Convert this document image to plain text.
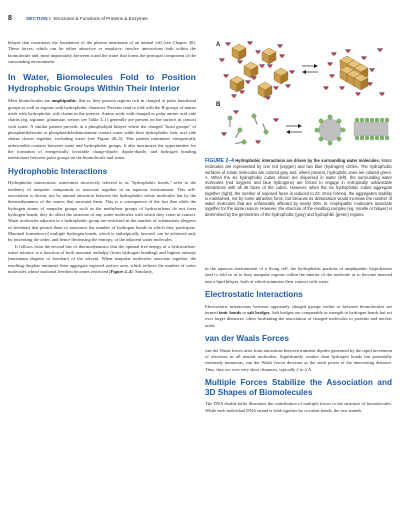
8	SECTION I Structures & Functions of Proteins & Enzymes

bilayer that constitutes the foundation of the plasma membrane of an animal cell (see Chapter 40). These forces, which can be either attractive or repulsive, involve interactions both within the biomolecule and, most importantly, between it and the water that forms the principal component of the surrounding environment.

In Water, Biomolecules Fold to Position Hydrophobic Groups Within Their Interior

Most biomolecules are amphipathic; that is, they possess regions rich in charged or polar functional groups as well as regions with hydrophobic character. Proteins tend to fold with the R-groups of amino acids with hydrophobic side chains in the interior. Amino acids with charged or polar amino acid side chains (eg, arginine, glutamate, serine; see Table 3–1) generally are present on the surface in contact with water. A similar pattern prevails in a phospholipid bilayer where the charged "head groups" of phosphatidylserine or phosphatidylethanolamine contact water while their hydrophobic fatty acyl side chains cluster together, excluding water (see Figure 40–5). This pattern minimizes energetically unfavorable contacts between water and hydrophobic groups. It also maximizes the opportunities for the formation of energetically favorable charge-dipole, dipole-dipole, and hydrogen bonding interactions between polar groups on the biomolecule and water.

Hydrophobic Interactions

Hydrophobic interactions, sometimes incorrectly referred to as "hydrophobic bonds," refer to the tendency of nonpolar compounds to associate together in an aqueous environment. This self-association is driven, not by mutual attraction between the hydrophobic solute molecules but by the thermodynamics of the waters that surround them. This is a consequence of the fact that while the hydrogen atoms of nonpolar groups such as the methylene groups of hydrocarbons do not form hydrogen bonds, they do affect the structure of any water molecules with which they come in contact. Water molecules adjacent to a hydrophobic group are restricted in the number of orientations (degrees of freedom) that permit them to maximize the number of hydrogen bonds in which they participate. Maximal formation of multiple hydrogen bonds, which is enthalpically favored, can be achieved only by increasing the order, and hence decreasing the entropy, of the adjacent water molecules.

It follows from the second law of thermodynamics that the optimal free energy of a hydrocarbon-water mixture is a function of both maximal enthalpy (from hydrogen bonding) and highest entropy (maximum degrees of freedom) of the solvent. When nonpolar molecules associate together, the resulting droplets minimize their aggregate exposed surface area, which reduces the number of water molecules whose motional freedom becomes restricted (Figure 2–4). Similarly,

A
B
FIGURE 2–4 Hydrophobic interactions are driven by the surrounding water molecules. Water molecules are represented by one red (oxygen) and two blue (hydrogen) circles. The hydrophobic surfaces of solute molecules are colored gray and, where present, hydrophilic ones are colored green. A. When the six hydrophobic cubes shown are dispersed in water (left), the surrounding water molecules (red oxygens and blue hydrogens) are forced to engage in entropically unfavorable interactions with all 36 faces of the cubes. However, when the six hydrophobic cubes aggregate together (right), the number of exposed faces is reduced to 22. Once formed, the aggregate's stability is maintained, not by some attractive force, but because its dissociation would increase the number of water molecules that are unfavorably affected by nearly 40%. B. Amphipathic molecules associate together for the same reason. However, the structure of the resulting complex (eg, micelle or bilayer) is determined by the geometries of the hydrophobic (gray) and hydrophilic (green) regions.

in the aqueous environment of a living cell, the hydrophobic portions of amphipathic biopolymers tend to fold so as to bury nonpolar regions within the interior of the molecule or to become inserted into a lipid bilayer, both of which minimize their contact with water.

Electrostatic Interactions

Electrostatic interactions between oppositely charged groups within or between biomolecules are termed ionic bonds or salt bridges. Salt bridges are comparable in strength to hydrogen bonds but act over larger distances, often facilitating the association of charged molecules to proteins and nucleic acids.

van der Waals Forces

van der Waals forces arise from attractions between transient dipoles generated by the rapid movement of electrons in all neutral molecules. Significantly weaker than hydrogen bonds but potentially extremely numerous, van der Waals forces decrease as the sixth power of the intervening distance. Thus, they act over very short distances, typically 2 to 4 Å.

Multiple Forces Stabilize the Association and 3D Shapes of Biomolecules

The DNA double helix illustrates the contribution of multiple forces to the structure of biomolecules. While each individual DNA strand is held together by covalent bonds, the two strands
